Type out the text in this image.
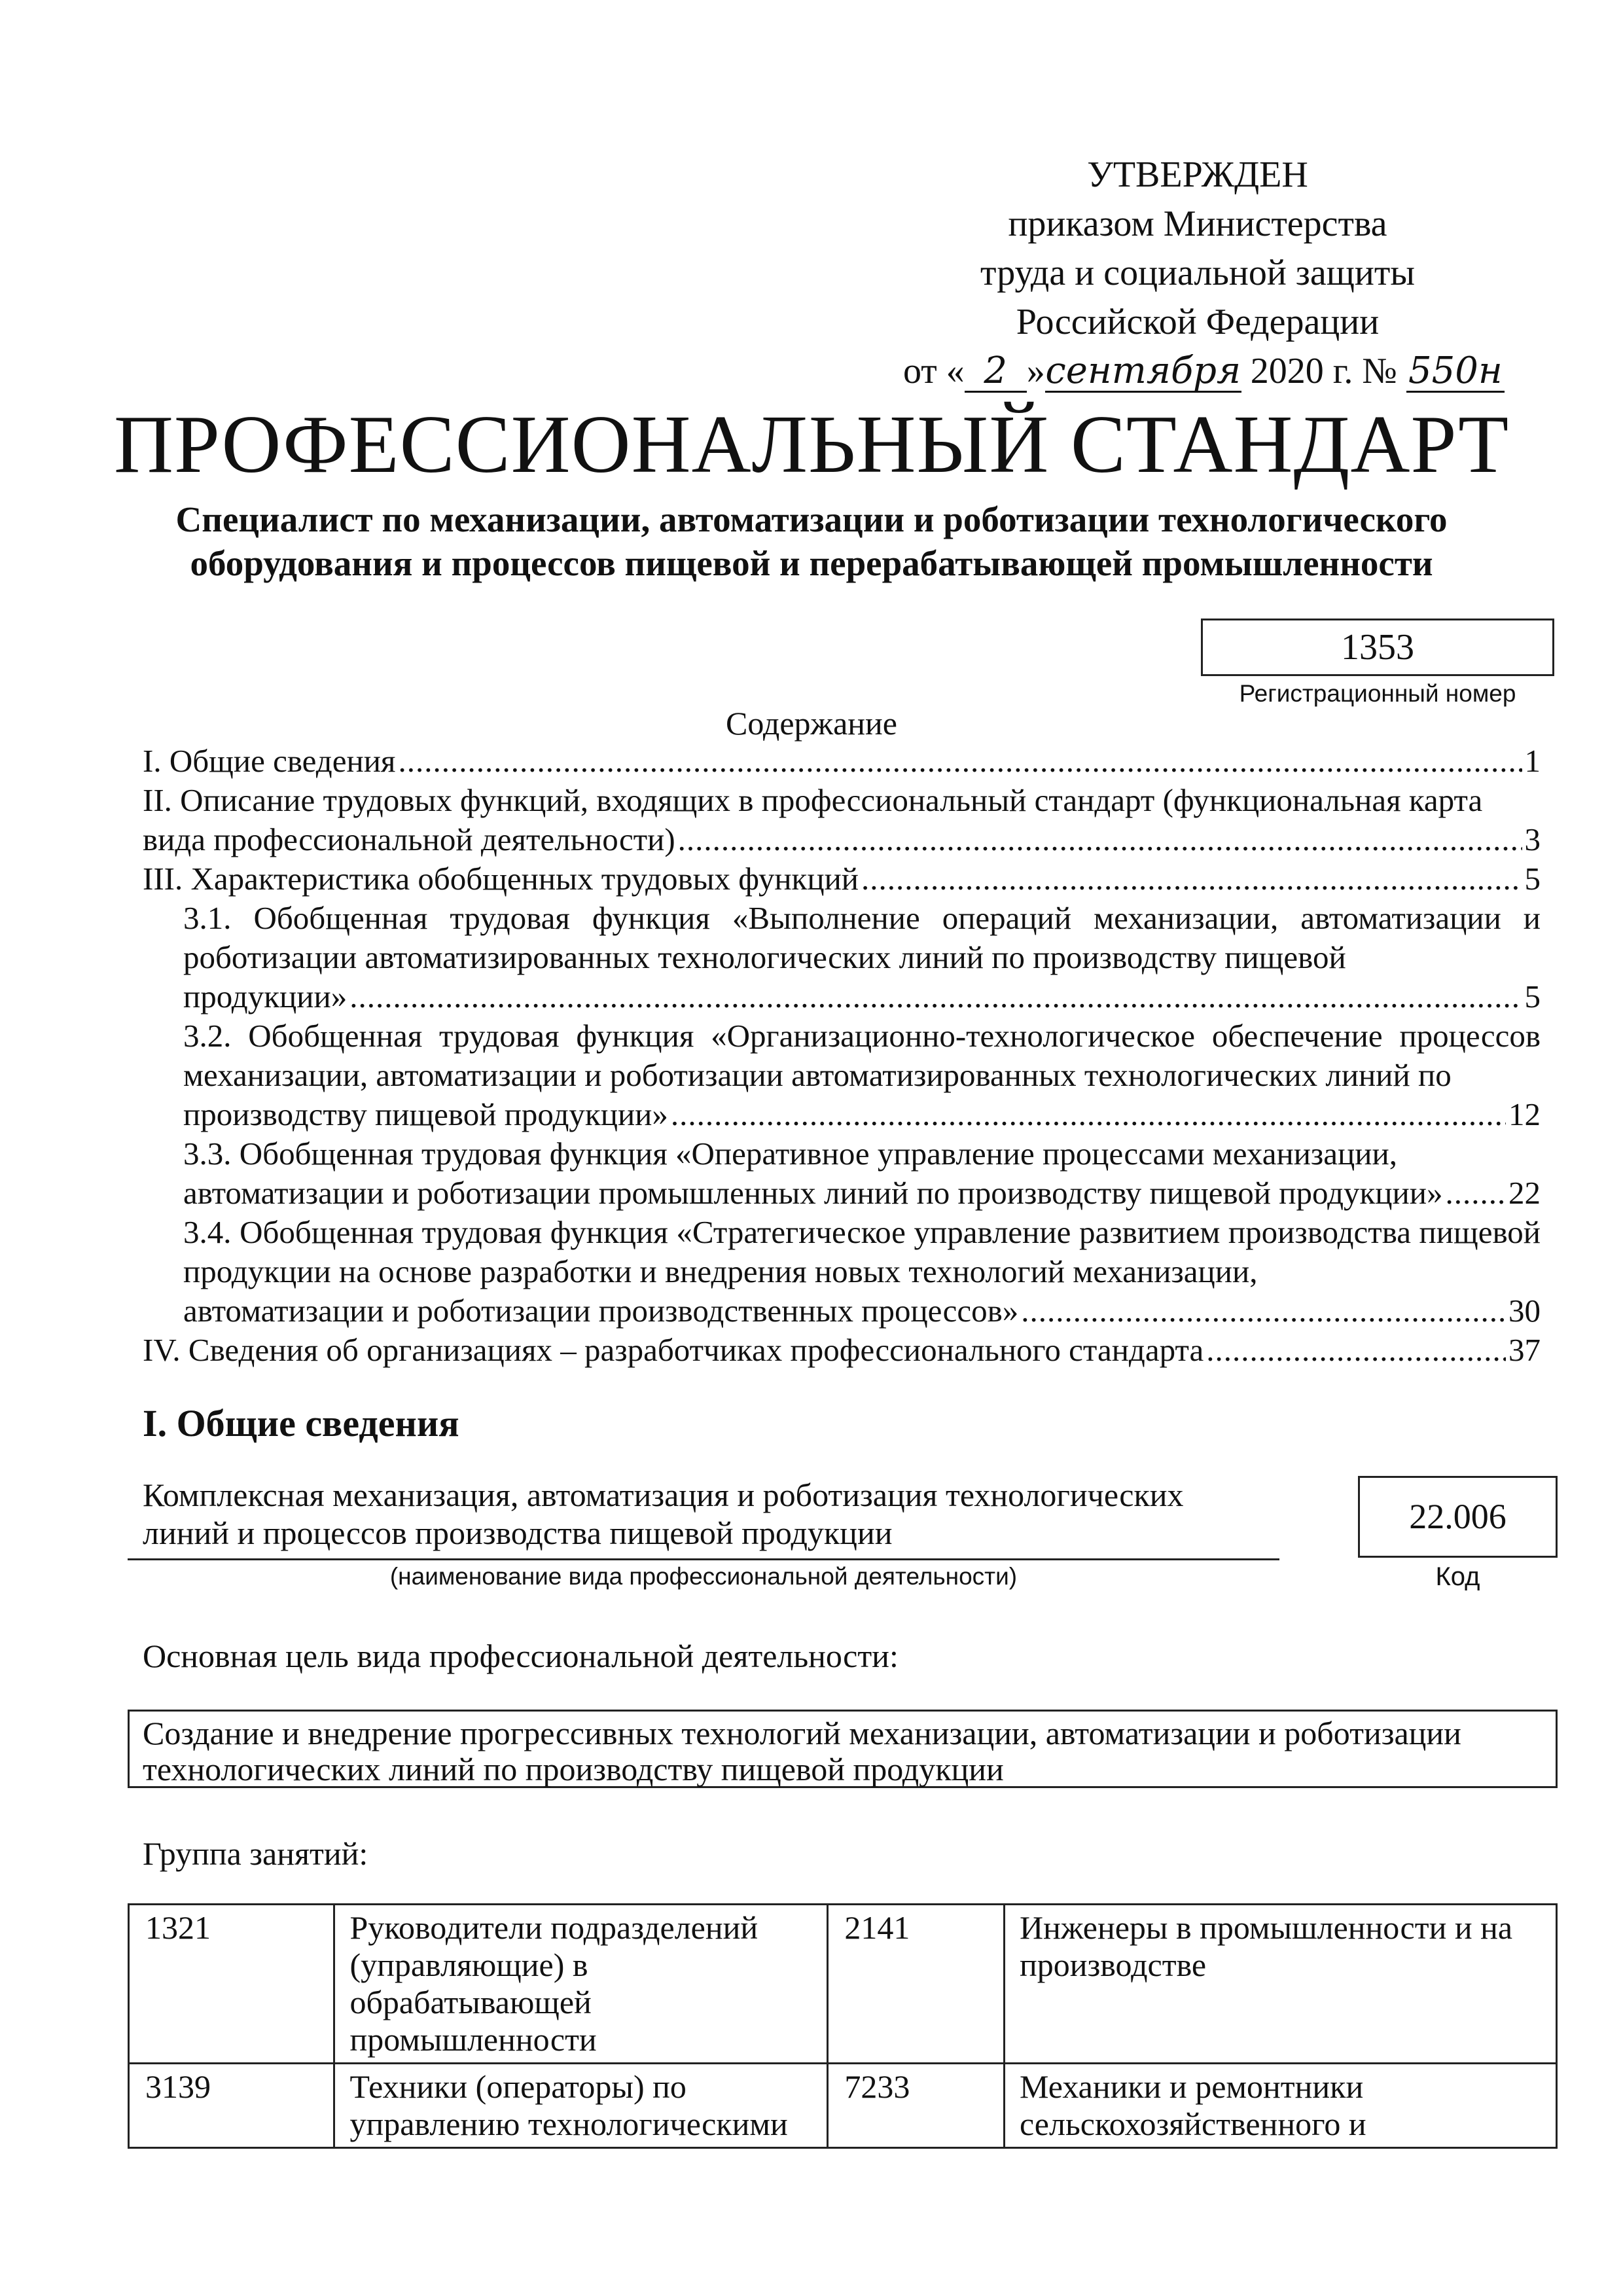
УТВЕРЖДЕН
приказом Министерства
труда и социальной защиты
Российской Федерации
от « 2 »сентября 2020 г. № 550н
ПРОФЕССИОНАЛЬНЫЙ СТАНДАРТ
Специалист по механизации, автоматизации и роботизации технологического оборудования и процессов пищевой и перерабатывающей промышленности
1353
Регистрационный номер
Содержание
I. Общие сведения .....	1
II. Описание трудовых функций, входящих в профессиональный стандарт (функциональная карта
вида профессиональной деятельности) .....	3
III. Характеристика обобщенных трудовых функций .....	5
3.1. Обобщенная трудовая функция «Выполнение операций механизации, автоматизации и роботизации автоматизированных технологических линий по производству пищевой
продукции» .....	5
3.2. Обобщенная трудовая функция «Организационно-технологическое обеспечение процессов механизации, автоматизации и роботизации автоматизированных технологических линий по
производству пищевой продукции» .....	12
3.3. Обобщенная трудовая функция «Оперативное управление процессами механизации,
автоматизации и роботизации промышленных линий по производству пищевой продукции» ..... 22
3.4. Обобщенная трудовая функция «Стратегическое управление развитием производства пищевой продукции на основе разработки и внедрения новых технологий механизации,
автоматизации и роботизации производственных процессов» .....	30
IV. Сведения об организациях – разработчиках профессионального стандарта .....	37
I. Общие сведения
Комплексная механизация, автоматизация и роботизация технологических линий и процессов производства пищевой продукции
(наименование вида профессиональной деятельности)
22.006
Код
Основная цель вида профессиональной деятельности:
Создание и внедрение прогрессивных технологий механизации, автоматизации и роботизации технологических линий по производству пищевой продукции
Группа занятий:
1321	Руководители подразделений (управляющие) в обрабатывающей промышленности	2141	Инженеры в промышленности и на производстве
3139	Техники (операторы) по управлению технологическими	7233	Механики и ремонтники сельскохозяйственного и
